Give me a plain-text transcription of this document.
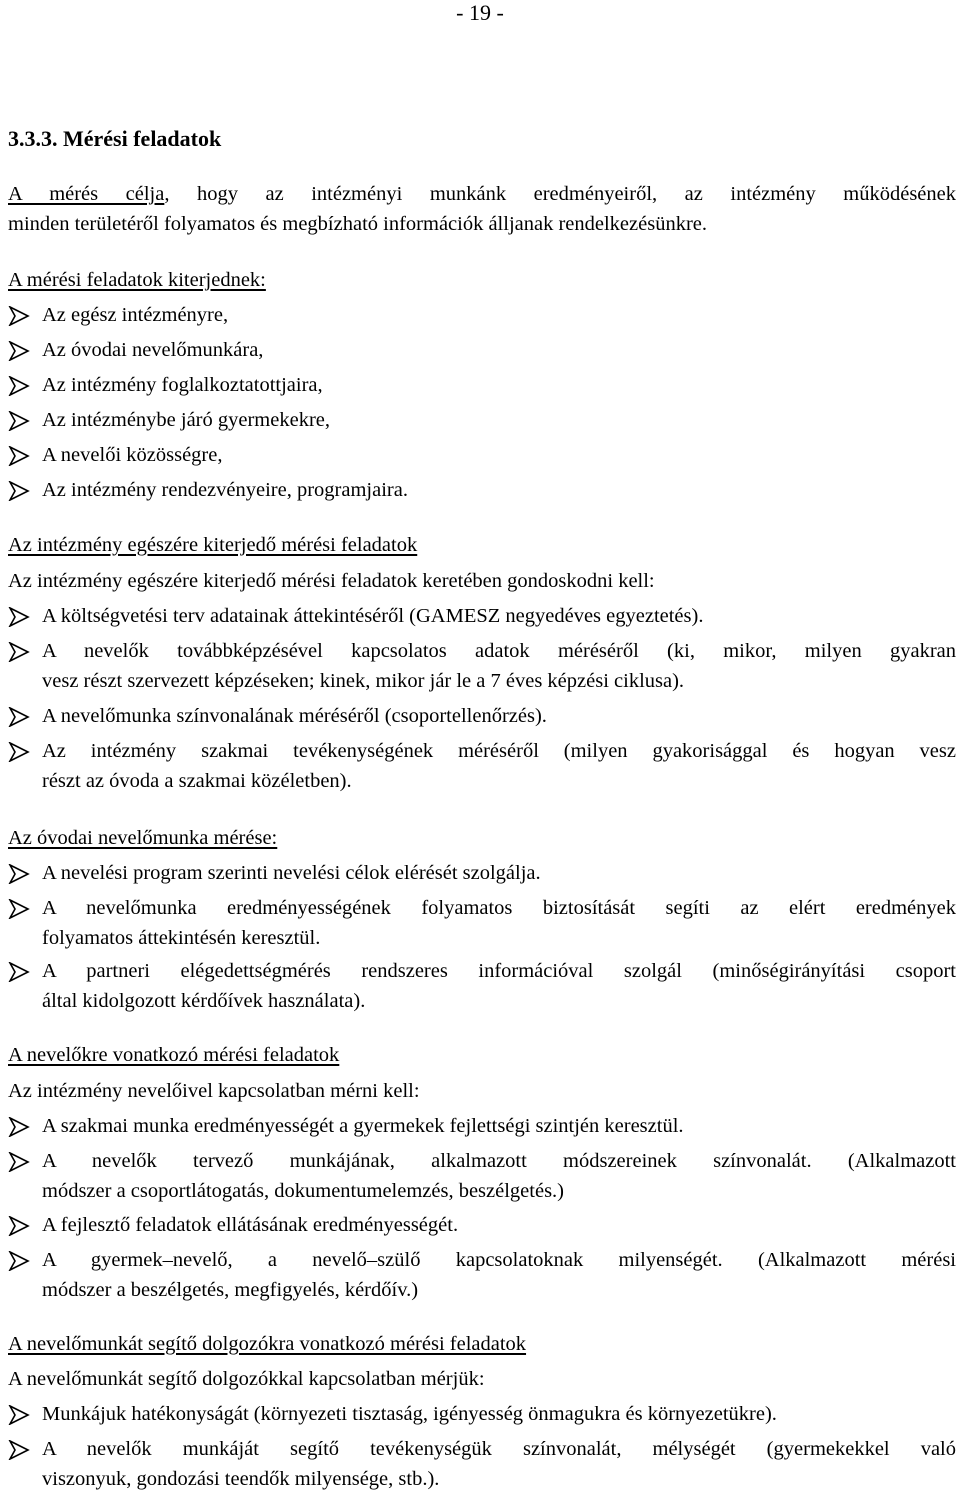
- 19 -
3.3.3. Mérési feladatok
A mérés célja, hogy az intézményi munkánk eredményeiről, az intézmény működésének
minden területéről folyamatos és megbízható információk álljanak rendelkezésünkre.
A mérési feladatok kiterjednek:
Az egész intézményre,
Az óvodai nevelőmunkára,
Az intézmény foglalkoztatottjaira,
Az intézménybe járó gyermekekre,
A nevelői közösségre,
Az intézmény rendezvényeire, programjaira.
Az intézmény egészére kiterjedő mérési feladatok
Az intézmény egészére kiterjedő mérési feladatok keretében gondoskodni kell:
A költségvetési terv adatainak áttekintéséről (GAMESZ negyedéves egyeztetés).
A nevelők továbbképzésével kapcsolatos adatok méréséről (ki, mikor, milyen gyakran
vesz részt szervezett képzéseken; kinek, mikor jár le a 7 éves képzési ciklusa).
A nevelőmunka színvonalának méréséről (csoportellenőrzés).
Az intézmény szakmai tevékenységének méréséről (milyen gyakorisággal és hogyan vesz
részt az óvoda a szakmai közéletben).
Az óvodai nevelőmunka mérése:
A nevelési program szerinti nevelési célok elérését szolgálja.
A nevelőmunka eredményességének folyamatos biztosítását segíti az elért eredmények
folyamatos áttekintésén keresztül.
A partneri elégedettségmérés rendszeres információval szolgál (minőségirányítási csoport
által kidolgozott kérdőívek használata).
A nevelőkre vonatkozó mérési feladatok
Az intézmény nevelőivel kapcsolatban mérni kell:
A szakmai munka eredményességét a gyermekek fejlettségi szintjén keresztül.
A nevelők tervező munkájának, alkalmazott módszereinek színvonalát. (Alkalmazott
módszer a csoportlátogatás, dokumentumelemzés, beszélgetés.)
A fejlesztő feladatok ellátásának eredményességét.
A gyermek–nevelő, a nevelő–szülő kapcsolatoknak milyenségét. (Alkalmazott mérési
módszer a beszélgetés, megfigyelés, kérdőív.)
A nevelőmunkát segítő dolgozókra vonatkozó mérési feladatok
A nevelőmunkát segítő dolgozókkal kapcsolatban mérjük:
Munkájuk hatékonyságát (környezeti tisztaság, igényesség önmagukra és környezetükre).
A nevelők munkáját segítő tevékenységük színvonalát, mélységét (gyermekekkel való
viszonyuk, gondozási teendők milyensége, stb.).
